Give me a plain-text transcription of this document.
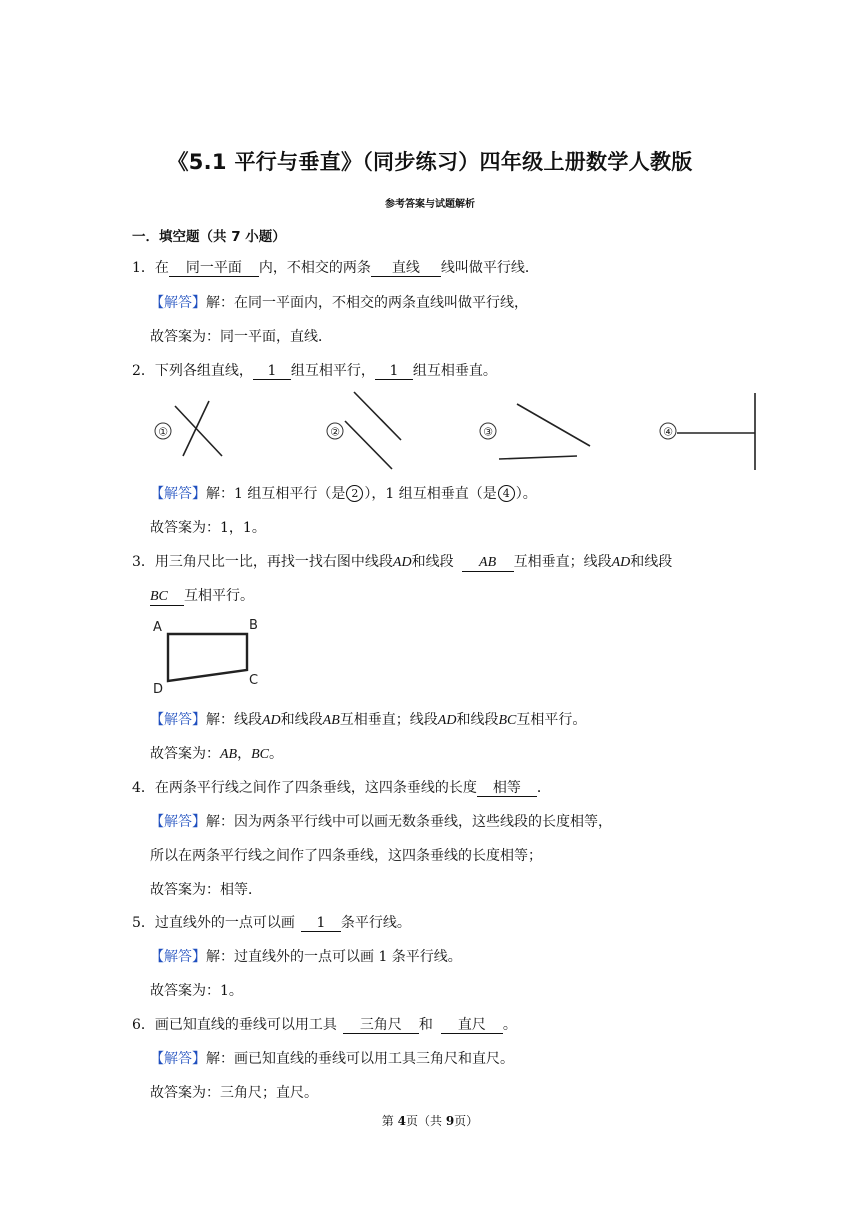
《5.1 平行与垂直》（同步练习）四年级上册数学人教版
参考答案与试题解析
一．填空题（共 7 小题）
1．在 同一平面 内，不相交的两条 直线 线叫做平行线．
【解答】解：在同一平面内，不相交的两条直线叫做平行线，
故答案为：同一平面，直线．
2．下列各组直线， 1 组互相平行， 1 组互相垂直。
①	②	③	④
A	B
C
D
【解答】解：1 组互相平行（是 2 ），1 组互相垂直（是 4 ）。
故答案为：1，1。
3．用三角尺比一比，再找一找右图中线段AD和线段 AB 互相垂直；线段AD和线段
BC 互相平行。
【解答】解：线段AD和线段AB互相垂直；线段AD和线段BC互相平行。
故答案为：AB，BC。
4．在两条平行线之间作了四条垂线，这四条垂线的长度 相等 ．
【解答】解：因为两条平行线中可以画无数条垂线，这些线段的长度相等，
所以在两条平行线之间作了四条垂线，这四条垂线的长度相等；
故答案为：相等．
5．过直线外的一点可以画 1 条平行线。
【解答】解：过直线外的一点可以画 1 条平行线。
故答案为：1。
6．画已知直线的垂线可以用工具 三角尺 和 直尺 。
【解答】解：画已知直线的垂线可以用工具三角尺和直尺。
故答案为：三角尺；直尺。
第 4页（共 9页）
